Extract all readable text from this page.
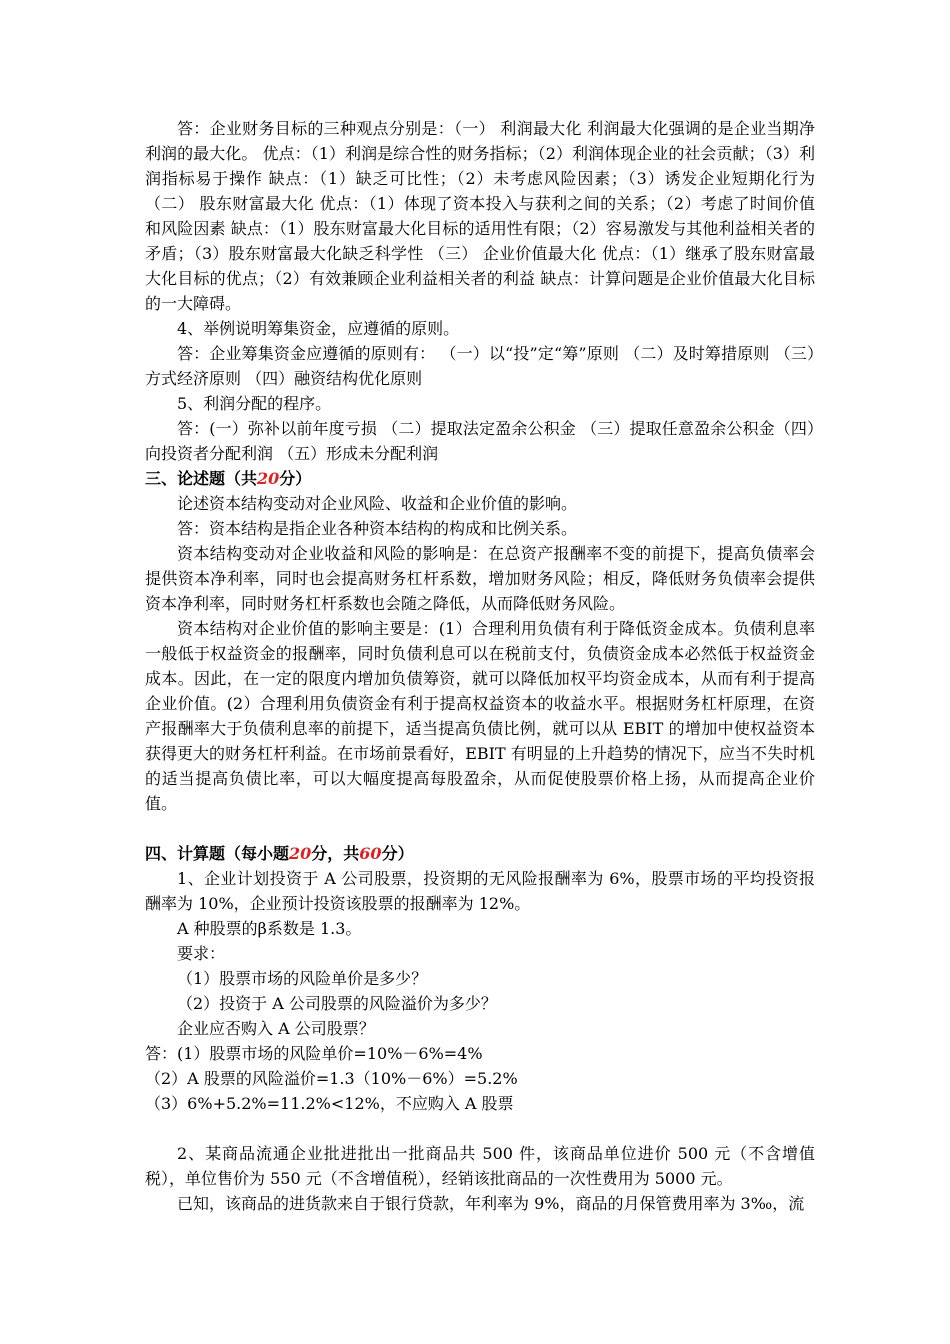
答：企业财务目标的三种观点分别是：（一） 利润最大化 利润最大化强调的是企业当期净利润的最大化。 优点：（1）利润是综合性的财务指标；（2）利润体现企业的社会贡献；（3）利润指标易于操作 缺点：（1）缺乏可比性；（2）未考虑风险因素；（3）诱发企业短期化行为 （二） 股东财富最大化 优点：（1）体现了资本投入与获利之间的关系；（2）考虑了时间价值和风险因素 缺点：（1）股东财富最大化目标的适用性有限；（2）容易激发与其他利益相关者的矛盾；（3）股东财富最大化缺乏科学性 （三） 企业价值最大化 优点：（1）继承了股东财富最大化目标的优点；（2）有效兼顾企业利益相关者的利益 缺点：计算问题是企业价值最大化目标的一大障碍。

4、举例说明筹集资金，应遵循的原则。

答：企业筹集资金应遵循的原则有： （一）以“投”定“筹”原则 （二）及时筹措原则 （三）方式经济原则 （四）融资结构优化原则

5、利润分配的程序。

答：(一）弥补以前年度亏损 （二）提取法定盈余公积金 （三）提取任意盈余公积金（四）向投资者分配利润 （五）形成未分配利润

三、论述题（共20分）

论述资本结构变动对企业风险、收益和企业价值的影响。

答：资本结构是指企业各种资本结构的构成和比例关系。

资本结构变动对企业收益和风险的影响是：在总资产报酬率不变的前提下，提高负债率会提供资本净利率，同时也会提高财务杠杆系数，增加财务风险；相反，降低财务负债率会提供资本净利率，同时财务杠杆系数也会随之降低，从而降低财务风险。

资本结构对企业价值的影响主要是：(1）合理利用负债有利于降低资金成本。负债利息率一般低于权益资金的报酬率，同时负债利息可以在税前支付，负债资金成本必然低于权益资金成本。因此，在一定的限度内增加负债筹资，就可以降低加权平均资金成本，从而有利于提高企业价值。(2）合理利用负债资金有利于提高权益资本的收益水平。根据财务杠杆原理，在资产报酬率大于负债利息率的前提下，适当提高负债比例，就可以从 EBIT 的增加中使权益资本获得更大的财务杠杆利益。在市场前景看好，EBIT 有明显的上升趋势的情况下，应当不失时机的适当提高负债比率，可以大幅度提高每股盈余，从而促使股票价格上扬，从而提高企业价值。

四、计算题（每小题20分，共60分）

1、企业计划投资于 A 公司股票，投资期的无风险报酬率为 6%，股票市场的平均投资报酬率为 10%，企业预计投资该股票的报酬率为 12%。

A 种股票的β系数是 1.3。

要求：

（1）股票市场的风险单价是多少？

（2）投资于 A 公司股票的风险溢价为多少？

企业应否购入 A 公司股票？

答：(1）股票市场的风险单价=10%－6%=4%

（2）A 股票的风险溢价=1.3（10%－6%）=5.2%

（3）6%+5.2%=11.2%<12%，不应购入 A 股票

2、某商品流通企业批进批出一批商品共 500 件，该商品单位进价 500 元（不含增值税），单位售价为 550 元（不含增值税），经销该批商品的一次性费用为 5000 元。

已知，该商品的进货款来自于银行贷款，年利率为 9%，商品的月保管费用率为 3‰，流
